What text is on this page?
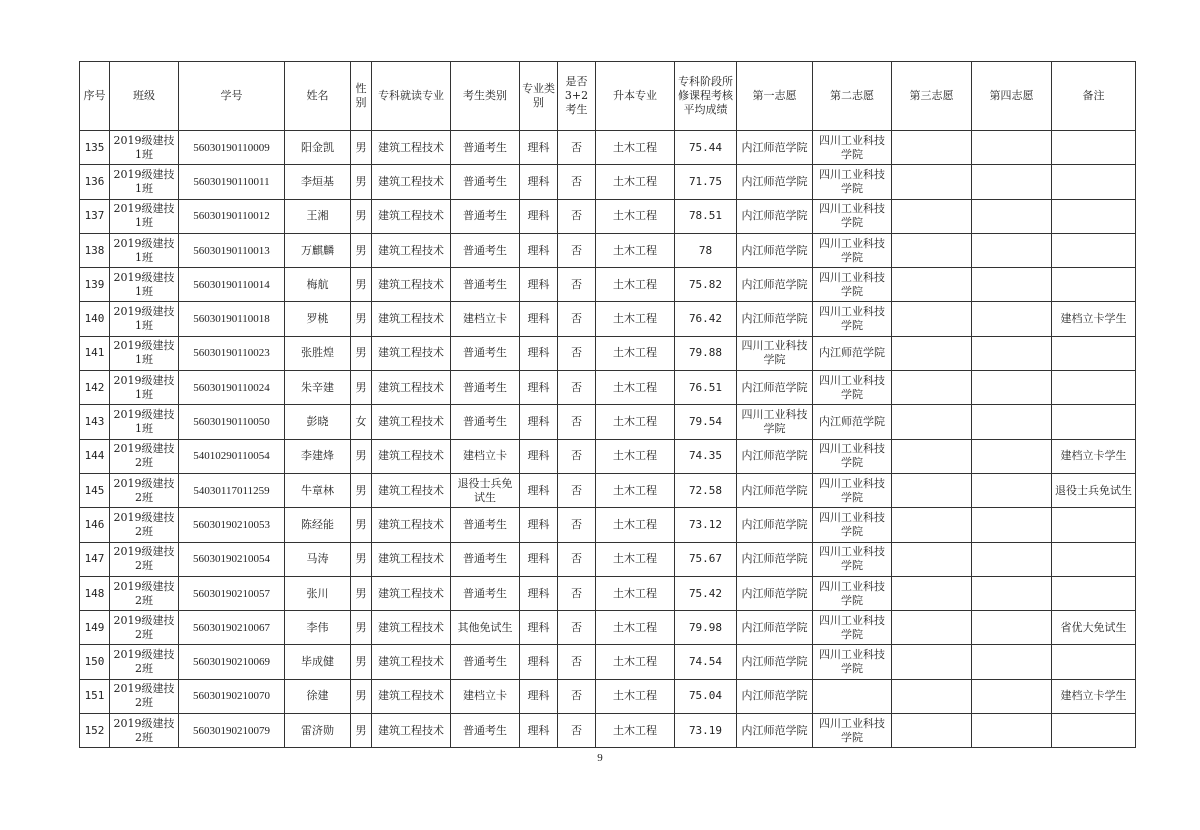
序号	班级	学号	姓名	性别	专科就读专业	考生类别	专业类别	是否3+2考生	升本专业	专科阶段所修课程考核平均成绩	第一志愿	第二志愿	第三志愿	第四志愿	备注
135	2019级建技1班	56030190110009	阳金凯	男	建筑工程技术	普通考生	理科	否	土木工程	75.44	内江师范学院	四川工业科技学院			
136	2019级建技1班	56030190110011	李烜基	男	建筑工程技术	普通考生	理科	否	土木工程	71.75	内江师范学院	四川工业科技学院			
137	2019级建技1班	56030190110012	王湘	男	建筑工程技术	普通考生	理科	否	土木工程	78.51	内江师范学院	四川工业科技学院			
138	2019级建技1班	56030190110013	万麒麟	男	建筑工程技术	普通考生	理科	否	土木工程	78	内江师范学院	四川工业科技学院			
139	2019级建技1班	56030190110014	梅航	男	建筑工程技术	普通考生	理科	否	土木工程	75.82	内江师范学院	四川工业科技学院			
140	2019级建技1班	56030190110018	罗桃	男	建筑工程技术	建档立卡	理科	否	土木工程	76.42	内江师范学院	四川工业科技学院			建档立卡学生
141	2019级建技1班	56030190110023	张胜煌	男	建筑工程技术	普通考生	理科	否	土木工程	79.88	四川工业科技学院	内江师范学院			
142	2019级建技1班	56030190110024	朱辛建	男	建筑工程技术	普通考生	理科	否	土木工程	76.51	内江师范学院	四川工业科技学院			
143	2019级建技1班	56030190110050	彭晓	女	建筑工程技术	普通考生	理科	否	土木工程	79.54	四川工业科技学院	内江师范学院			
144	2019级建技2班	54010290110054	李建烽	男	建筑工程技术	建档立卡	理科	否	土木工程	74.35	内江师范学院	四川工业科技学院			建档立卡学生
145	2019级建技2班	54030117011259	牛章林	男	建筑工程技术	退役士兵免试生	理科	否	土木工程	72.58	内江师范学院	四川工业科技学院			退役士兵免试生
146	2019级建技2班	56030190210053	陈经能	男	建筑工程技术	普通考生	理科	否	土木工程	73.12	内江师范学院	四川工业科技学院			
147	2019级建技2班	56030190210054	马涛	男	建筑工程技术	普通考生	理科	否	土木工程	75.67	内江师范学院	四川工业科技学院			
148	2019级建技2班	56030190210057	张川	男	建筑工程技术	普通考生	理科	否	土木工程	75.42	内江师范学院	四川工业科技学院			
149	2019级建技2班	56030190210067	李伟	男	建筑工程技术	其他免试生	理科	否	土木工程	79.98	内江师范学院	四川工业科技学院			省优大免试生
150	2019级建技2班	56030190210069	毕成健	男	建筑工程技术	普通考生	理科	否	土木工程	74.54	内江师范学院	四川工业科技学院			
151	2019级建技2班	56030190210070	徐建	男	建筑工程技术	建档立卡	理科	否	土木工程	75.04	内江师范学院				建档立卡学生
152	2019级建技2班	56030190210079	雷济勋	男	建筑工程技术	普通考生	理科	否	土木工程	73.19	内江师范学院	四川工业科技学院			
9
